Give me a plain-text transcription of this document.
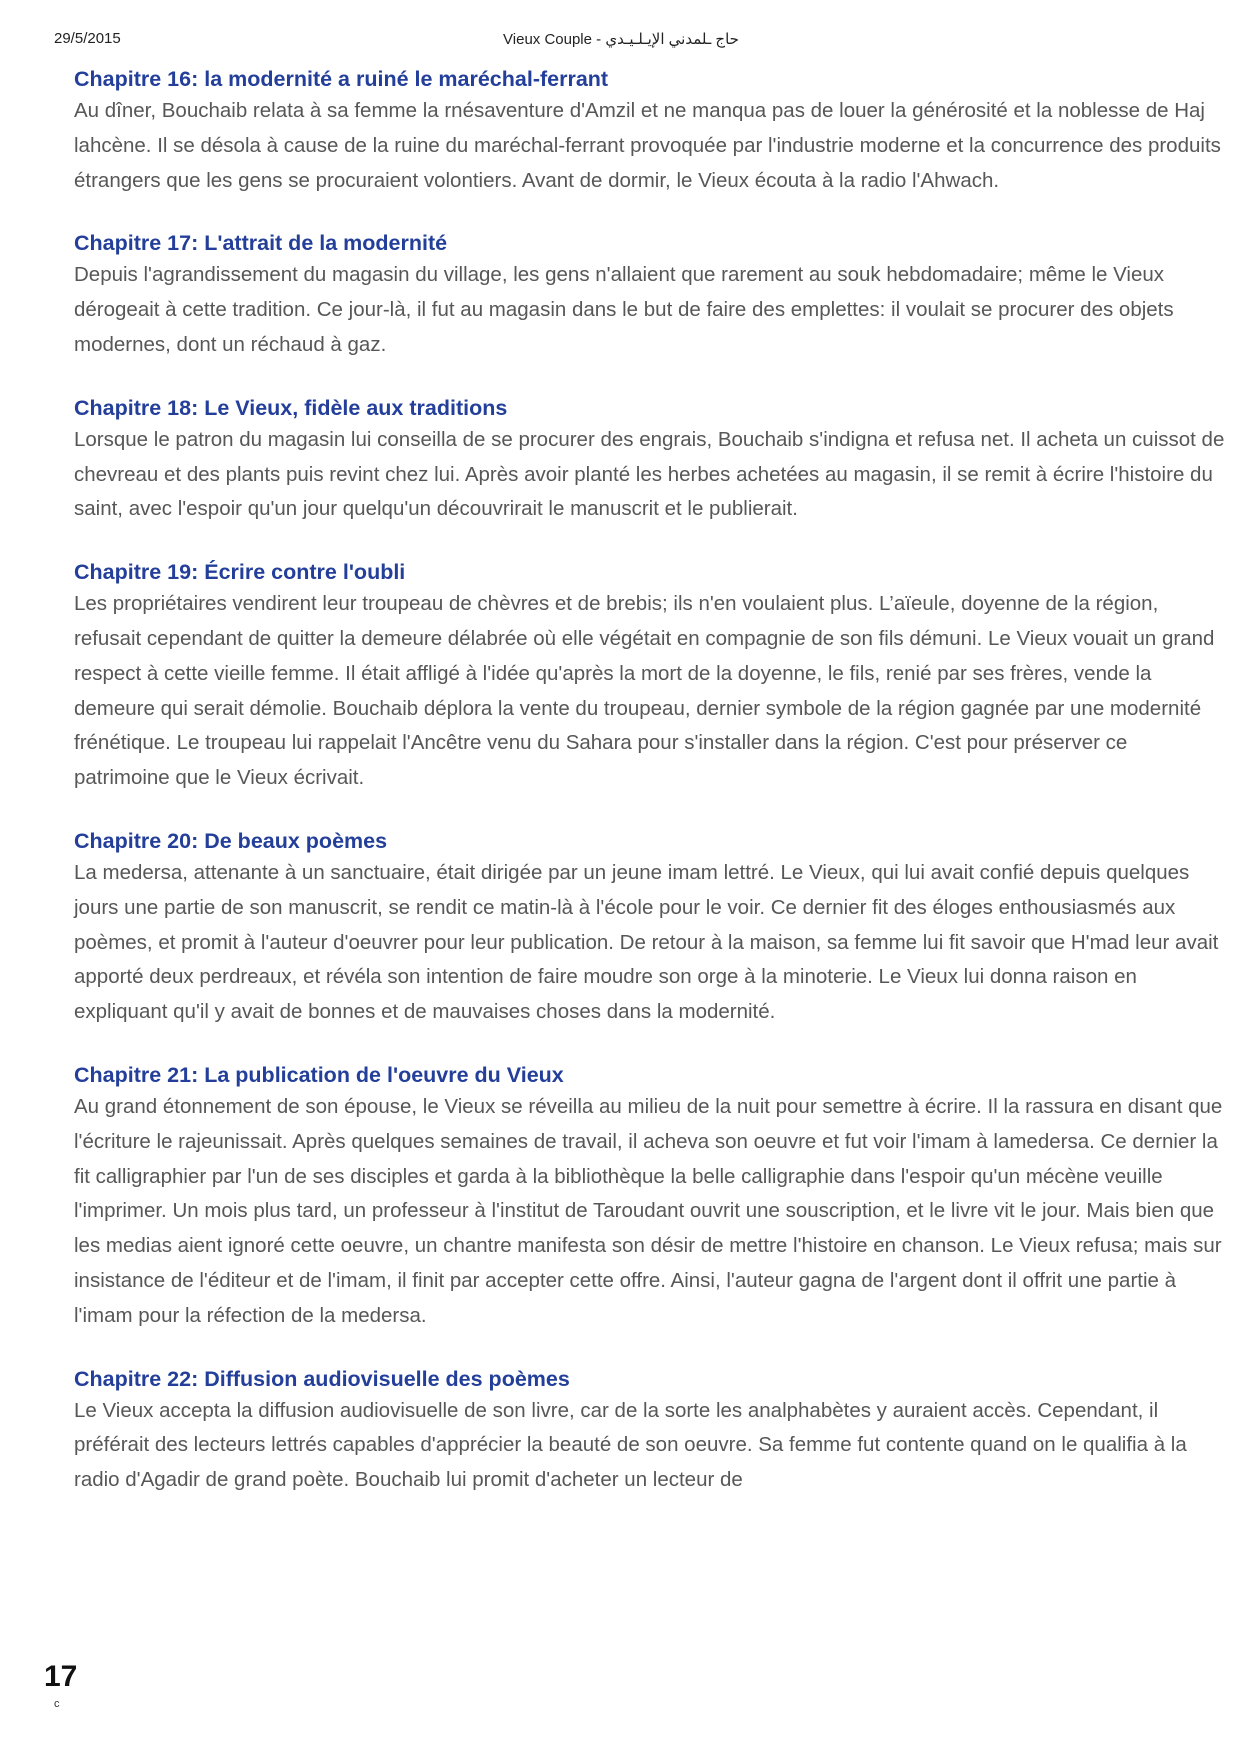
29/5/2015	Vieux Couple - حاج ـلمدني الإيـلـيـدي
Chapitre 16: la modernité a ruiné le maréchal-ferrant

Au dîner, Bouchaib relata à sa femme la rnésaventure d'Amzil et ne manqua pas de louer la générosité et la noblesse de Haj lahcène. Il se désola à cause de la ruine du maréchal-ferrant provoquée par l'industrie moderne et la concurrence des produits étrangers que les gens se procuraient volontiers. Avant de dormir, le Vieux écouta à la radio l'Ahwach.

Chapitre 17: L'attrait de la modernité

Depuis l'agrandissement du magasin du village, les gens n'allaient que rarement au souk hebdomadaire; même le Vieux dérogeait à cette tradition. Ce jour-là, il fut au magasin dans le but de faire des emplettes: il voulait se procurer des objets modernes, dont un réchaud à gaz.

Chapitre 18: Le Vieux, fidèle aux traditions

Lorsque le patron du magasin lui conseilla de se procurer des engrais, Bouchaib s'indigna et refusa net. Il acheta un cuissot de chevreau et des plants puis revint chez lui. Après avoir planté les herbes achetées au magasin, il se remit à écrire l'histoire du saint, avec l'espoir qu'un jour quelqu'un découvrirait le manuscrit et le publierait.

Chapitre 19: Écrire contre l'oubli

Les propriétaires vendirent leur troupeau de chèvres et de brebis; ils n'en voulaient plus. L’aïeule, doyenne de la région, refusait cependant de quitter la demeure délabrée où elle végétait en compagnie de son fils démuni. Le Vieux vouait un grand respect à cette vieille femme. Il était affligé à l'idée qu'après la mort de la doyenne, le fils, renié par ses frères, vende la demeure qui serait démolie. Bouchaib déplora la vente du troupeau, dernier symbole de la région gagnée par une modernité frénétique. Le troupeau lui rappelait l'Ancêtre venu du Sahara pour s'installer dans la région. C'est pour préserver ce patrimoine que le Vieux écrivait.

Chapitre 20: De beaux poèmes

La medersa, attenante à un sanctuaire, était dirigée par un jeune imam lettré. Le Vieux, qui lui avait confié depuis quelques jours une partie de son manuscrit, se rendit ce matin-là à l'école pour le voir. Ce dernier fit des éloges enthousiasmés aux poèmes, et promit à l'auteur d'oeuvrer pour leur publication. De retour à la maison, sa femme lui fit savoir que H'mad leur avait apporté deux perdreaux, et révéla son intention de faire moudre son orge à la minoterie. Le Vieux lui donna raison en expliquant qu'il y avait de bonnes et de mauvaises choses dans la modernité.

Chapitre 21: La publication de l'oeuvre du Vieux

Au grand étonnement de son épouse, le Vieux se réveilla au milieu de la nuit pour semettre à écrire. Il la rassura en disant que l'écriture le rajeunissait. Après quelques semaines de travail, il acheva son oeuvre et fut voir l'imam à lamedersa. Ce dernier la fit calligraphier par l'un de ses disciples et garda à la bibliothèque la belle calligraphie dans l'espoir qu'un mécène veuille l'imprimer. Un mois plus tard, un professeur à l'institut de Taroudant ouvrit une souscription, et le livre vit le jour. Mais bien que les medias aient ignoré cette oeuvre, un chantre manifesta son désir de mettre l'histoire en chanson. Le Vieux refusa; mais sur insistance de l'éditeur et de l'imam, il finit par accepter cette offre. Ainsi, l'auteur gagna de l'argent dont il offrit une partie à l'imam pour la réfection de la medersa.

Chapitre 22: Diffusion audiovisuelle des poèmes

Le Vieux accepta la diffusion audiovisuelle de son livre, car de la sorte les analphabètes y auraient accès. Cependant, il préférait des lecteurs lettrés capables d'apprécier la beauté de son oeuvre. Sa femme fut contente quand on le qualifia à la radio d'Agadir de grand poète. Bouchaib lui promit d'acheter un lecteur de

17
c
